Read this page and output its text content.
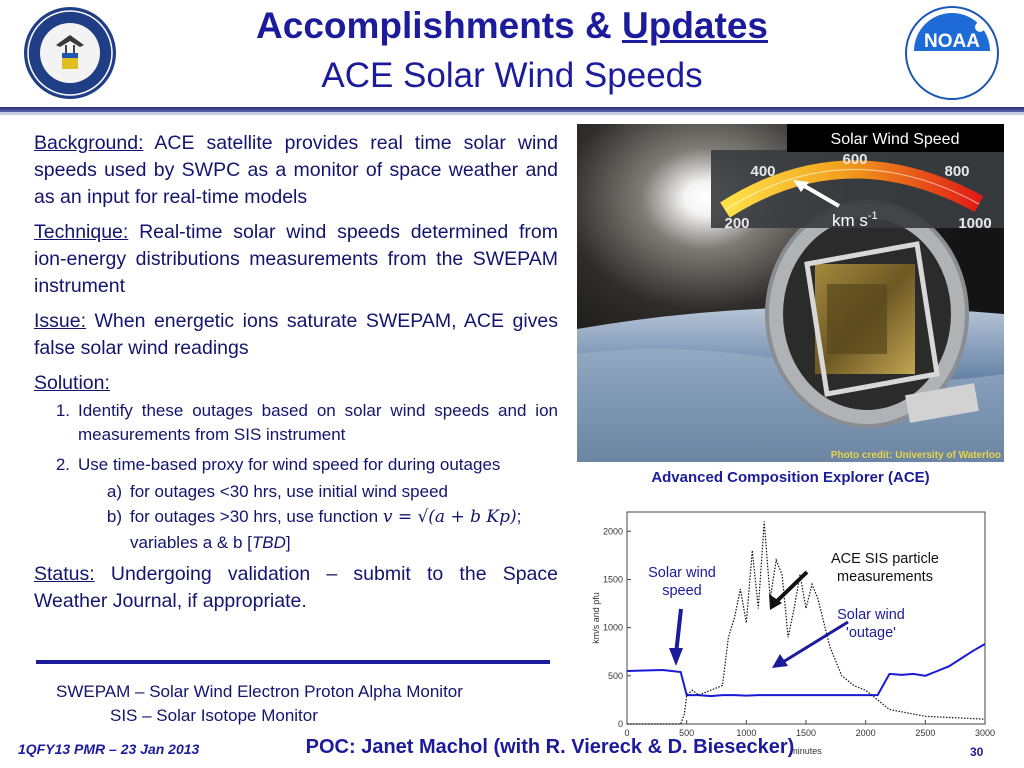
NOAA
Accomplishments & Updates
ACE Solar Wind Speeds

Background: ACE satellite provides real time solar wind speeds used by SWPC as a monitor of space weather and as an input for real-time models

Technique: Real-time solar wind speeds determined from ion-energy distributions measurements from the SWEPAM instrument

Issue: When energetic ions saturate SWEPAM, ACE gives false solar wind readings

Solution:

1. Identify these outages based on solar wind speeds and ion measurements from SIS instrument
2. Use time-based proxy for wind speed for during outages
a) for outages <30 hrs, use initial wind speed
b) for outages >30 hrs, use function v = √(a + b Kp); variables a & b [TBD]

Status: Undergoing validation – submit to the Space Weather Journal, if appropriate.

SWEPAM – Solar Wind Electron Proton Alpha Monitor
SIS – Solar Isotope Monitor
Solar Wind Speed
200
400
600
800
1000
km $s^{-1}$
Photo credit: University of Waterloo
Advanced Composition Explorer (ACE)
0
500
1000
1500
2000
0	500	1000	1500	2000	2500	3000
km/s and pfu
minutes
Solar wind speed
ACE SIS particle measurements
Solar wind 'outage'
1QFY13 PMR – 23 Jan 2013	POC: Janet Machol (with R. Viereck & D. Biesecker)	30
